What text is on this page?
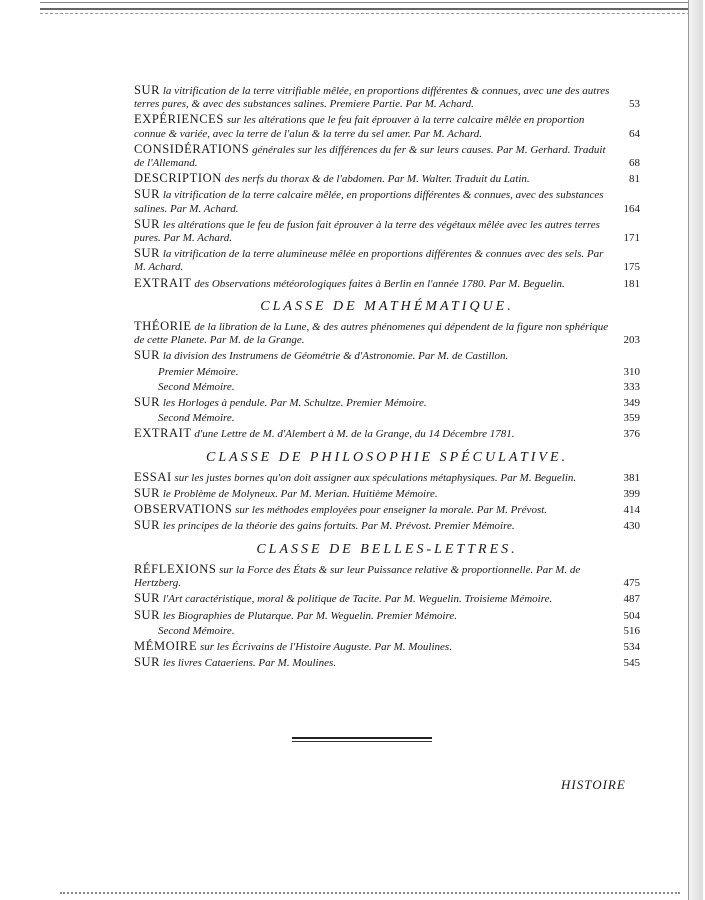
SUR la vitrification de la terre vitrifiable mêlée, en proportions différentes & connues, avec une des autres terres pures, & avec des substances salines. Premiere Partie. Par M. Achard.	53
EXPÉRIENCES sur les altérations que le feu fait éprouver à la terre calcaire mêlée en proportion connue & variée, avec la terre de l'alun & la terre du sel amer. Par M. Achard.	64
CONSIDÉRATIONS générales sur les différences du fer & sur leurs causes. Par M. Gerhard. Traduit de l'Allemand.	68
DESCRIPTION des nerfs du thorax & de l'abdomen. Par M. Walter. Traduit du Latin.	81
SUR la vitrification de la terre calcaire mêlée, en proportions différentes & connues, avec des substances salines. Par M. Achard.	164
SUR les altérations que le feu de fusion fait éprouver à la terre des végétaux mêlée avec les autres terres pures. Par M. Achard.	171
SUR la vitrification de la terre alumineuse mêlée en proportions différentes & connues avec des sels. Par M. Achard.	175
EXTRAIT des Observations météorologiques faites à Berlin en l'année 1780. Par M. Beguelin.	181
CLASSE DE MATHÉMATIQUE.
THÉORIE de la libration de la Lune, & des autres phénomenes qui dépendent de la figure non sphérique de cette Planete. Par M. de la Grange.	203
SUR la division des Instrumens de Géométrie & d'Astronomie. Par M. de Castillon.
Premier Mémoire.	310
Second Mémoire.	333
SUR les Horloges à pendule. Par M. Schultze. Premier Mémoire.	349
Second Mémoire.	359
EXTRAIT d'une Lettre de M. d'Alembert à M. de la Grange, du 14 Décembre 1781.	376
CLASSE DE PHILOSOPHIE SPÉCULATIVE.
ESSAI sur les justes bornes qu'on doit assigner aux spéculations métaphysiques. Par M. Beguelin.	381
SUR le Problème de Molyneux. Par M. Merian. Huitième Mémoire.	399
OBSERVATIONS sur les méthodes employées pour enseigner la morale. Par M. Prévost.	414
SUR les principes de la théorie des gains fortuits. Par M. Prévost. Premier Mémoire.	430
CLASSE DE BELLES-LETTRES.
RÉFLEXIONS sur la Force des États & sur leur Puissance relative & proportionnelle. Par M. de Hertzberg.	475
SUR l'Art caractéristique, moral & politique de Tacite. Par M. Weguelin. Troisieme Mémoire.	487
SUR les Biographies de Plutarque. Par M. Weguelin. Premier Mémoire.	504
Second Mémoire.	516
MÉMOIRE sur les Écrivains de l'Histoire Auguste. Par M. Moulines.	534
SUR les livres Cataeriens. Par M. Moulines.	545
HISTOIRE
